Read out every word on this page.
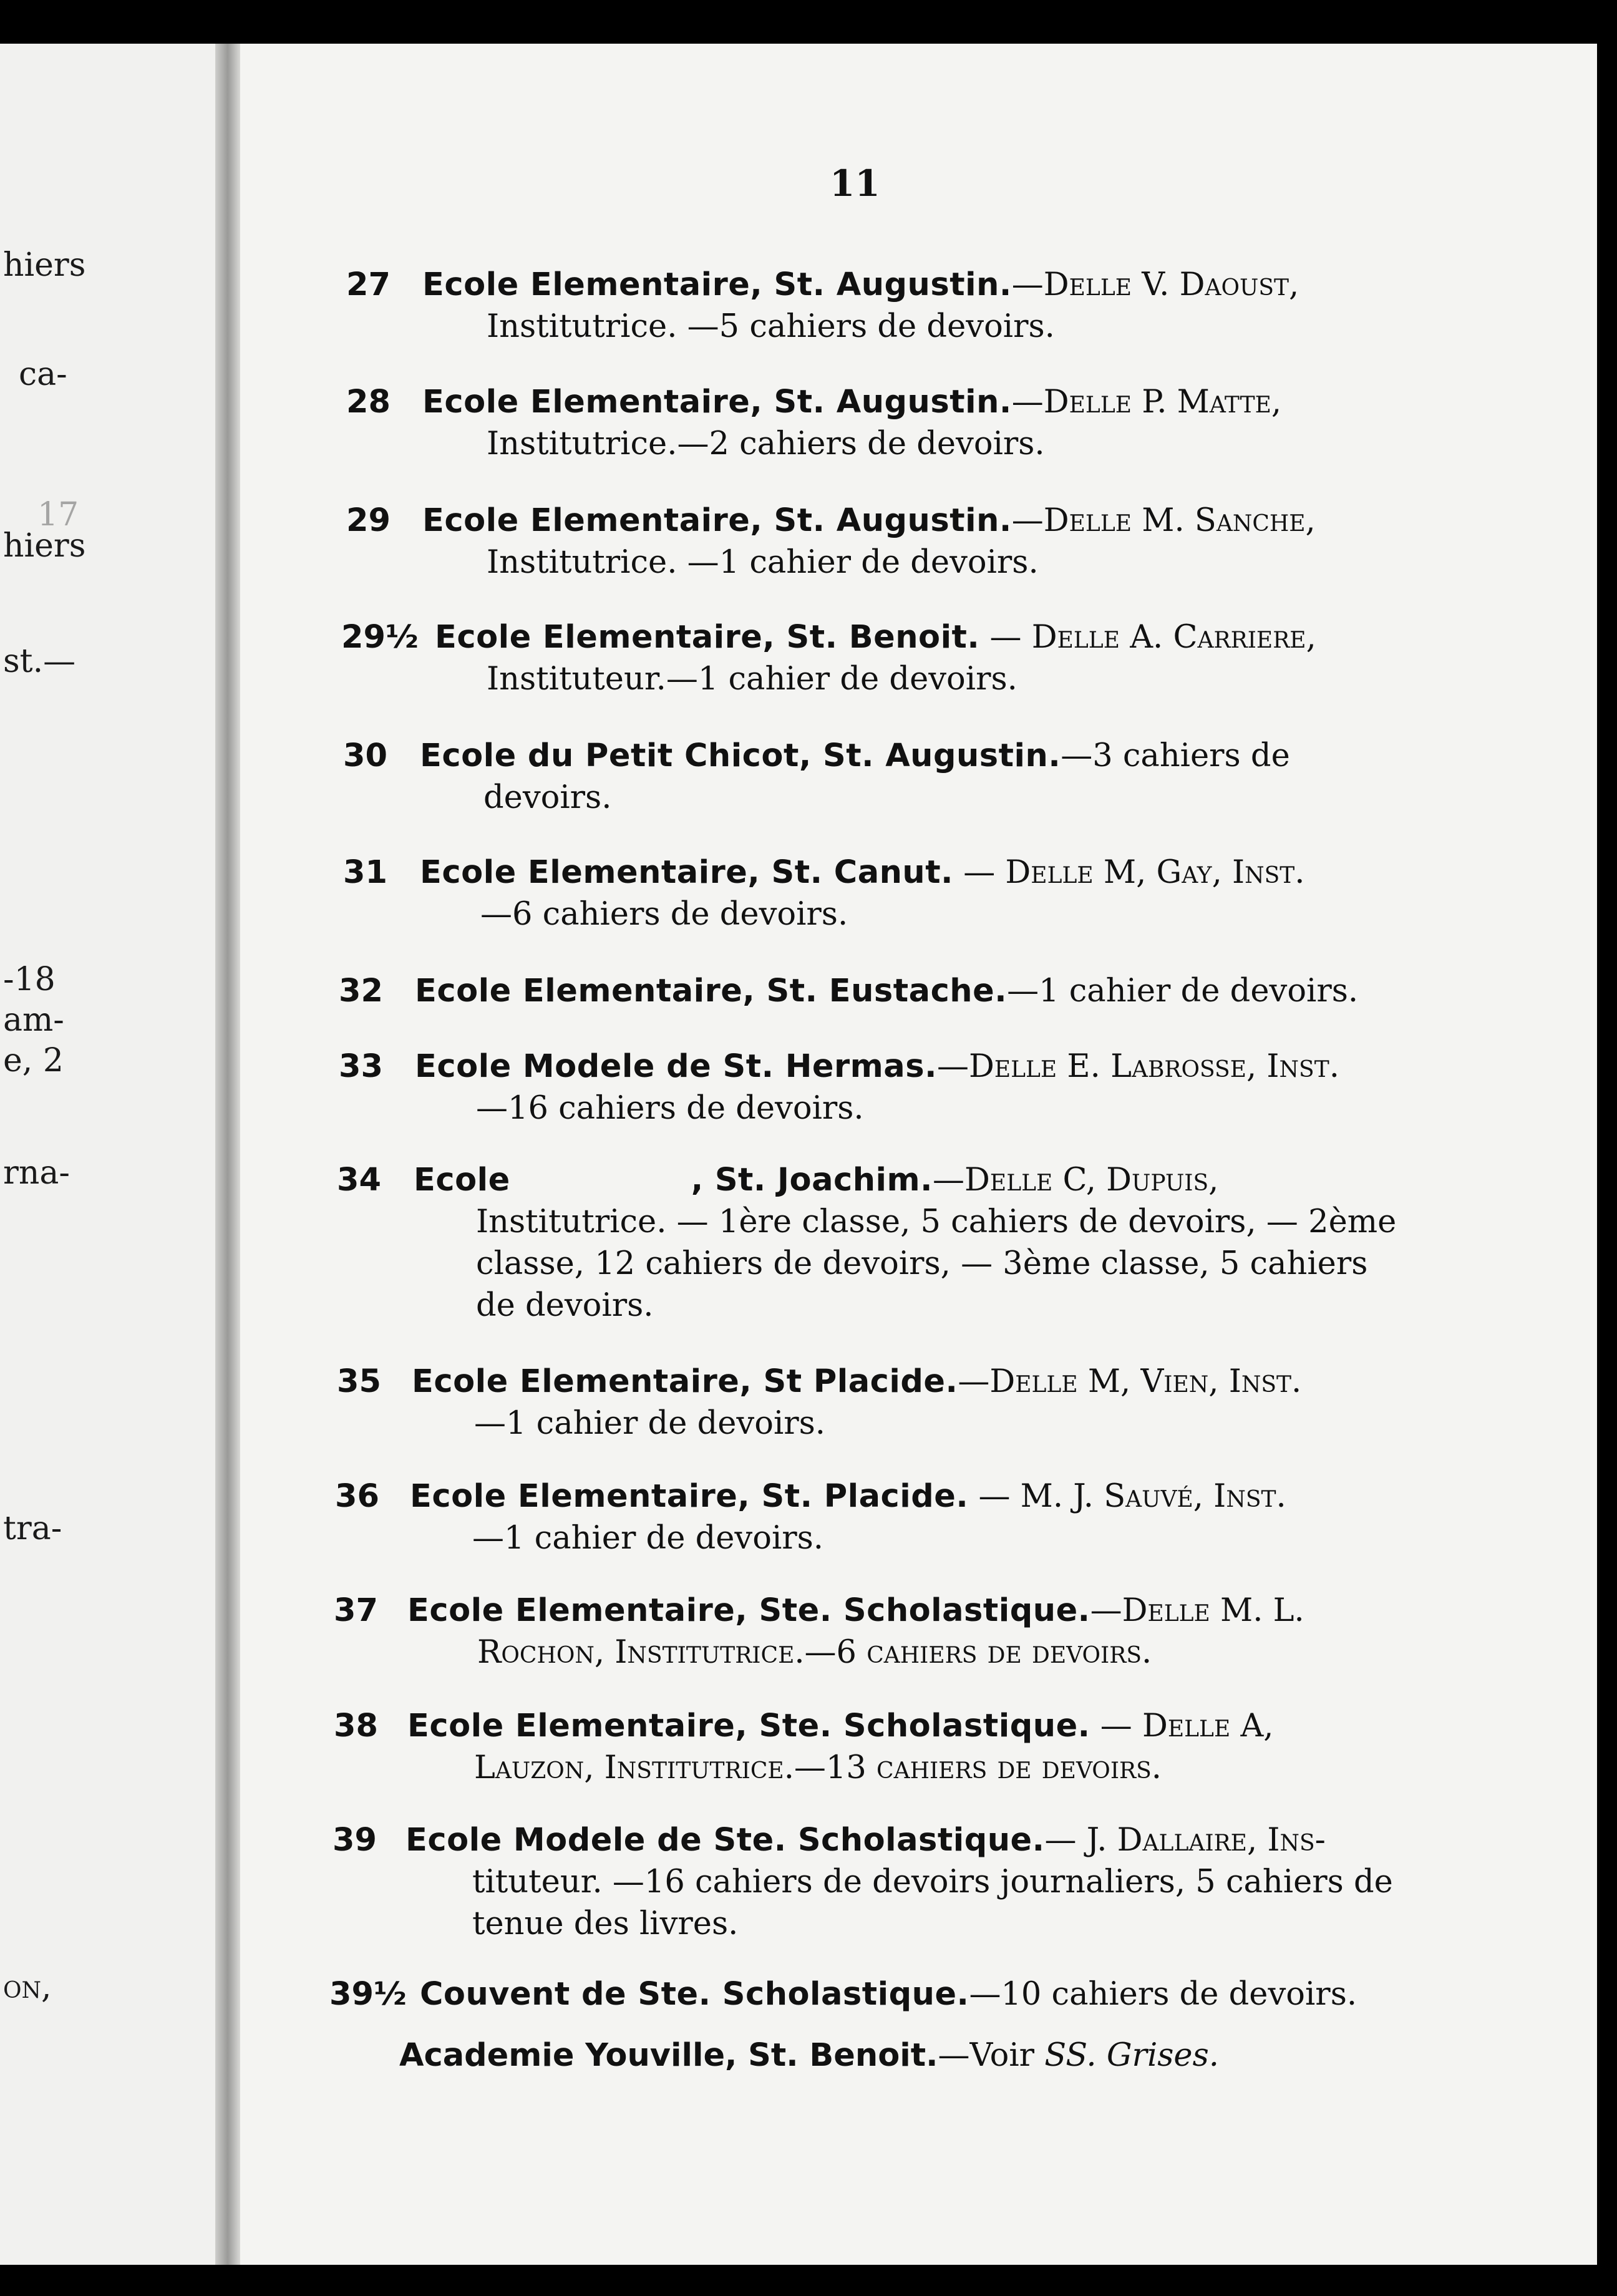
hiers
ca-
17
hiers
st.—
-18
am-
e, 2
rna-
tra-
on,
11
27 Ecole Elementaire, St. Augustin.—Delle V. Daoust,
Institutrice. —5 cahiers de devoirs.
28 Ecole Elementaire, St. Augustin.—Delle P. Matte,
Institutrice.—2 cahiers de devoirs.
29 Ecole Elementaire, St. Augustin.—Delle M. Sanche,
Institutrice. —1 cahier de devoirs.
29½ Ecole Elementaire, St. Benoit. — Delle A. Carriere,
Instituteur.—1 cahier de devoirs.
30 Ecole du Petit Chicot, St. Augustin.—3 cahiers de
devoirs.
31 Ecole Elementaire, St. Canut. — Delle M, Gay, Inst.
—6 cahiers de devoirs.
32 Ecole Elementaire, St. Eustache.—1 cahier de devoirs.
33 Ecole Modele de St. Hermas.—Delle E. Labrosse, Inst.
—16 cahiers de devoirs.
34 Ecole	, St. Joachim.—Delle C, Dupuis,
Institutrice. — 1ère classe, 5 cahiers de devoirs, — 2ème
classe, 12 cahiers de devoirs, — 3ème classe, 5 cahiers
de devoirs.
35 Ecole Elementaire, St Placide.—Delle M, Vien, Inst.
—1 cahier de devoirs.
36 Ecole Elementaire, St. Placide. — M. J. Sauvé, Inst.
—1 cahier de devoirs.
37 Ecole Elementaire, Ste. Scholastique.—Delle M. L.
Rochon, Institutrice.—6 cahiers de devoirs.
38 Ecole Elementaire, Ste. Scholastique. — Delle A,
Lauzon, Institutrice.—13 cahiers de devoirs.
39 Ecole Modele de Ste. Scholastique.— J. Dallaire, Ins-
tituteur. —16 cahiers de devoirs journaliers, 5 cahiers de
tenue des livres.
39½ Couvent de Ste. Scholastique.—10 cahiers de devoirs.
Academie Youville, St. Benoit.—Voir SS. Grises.
